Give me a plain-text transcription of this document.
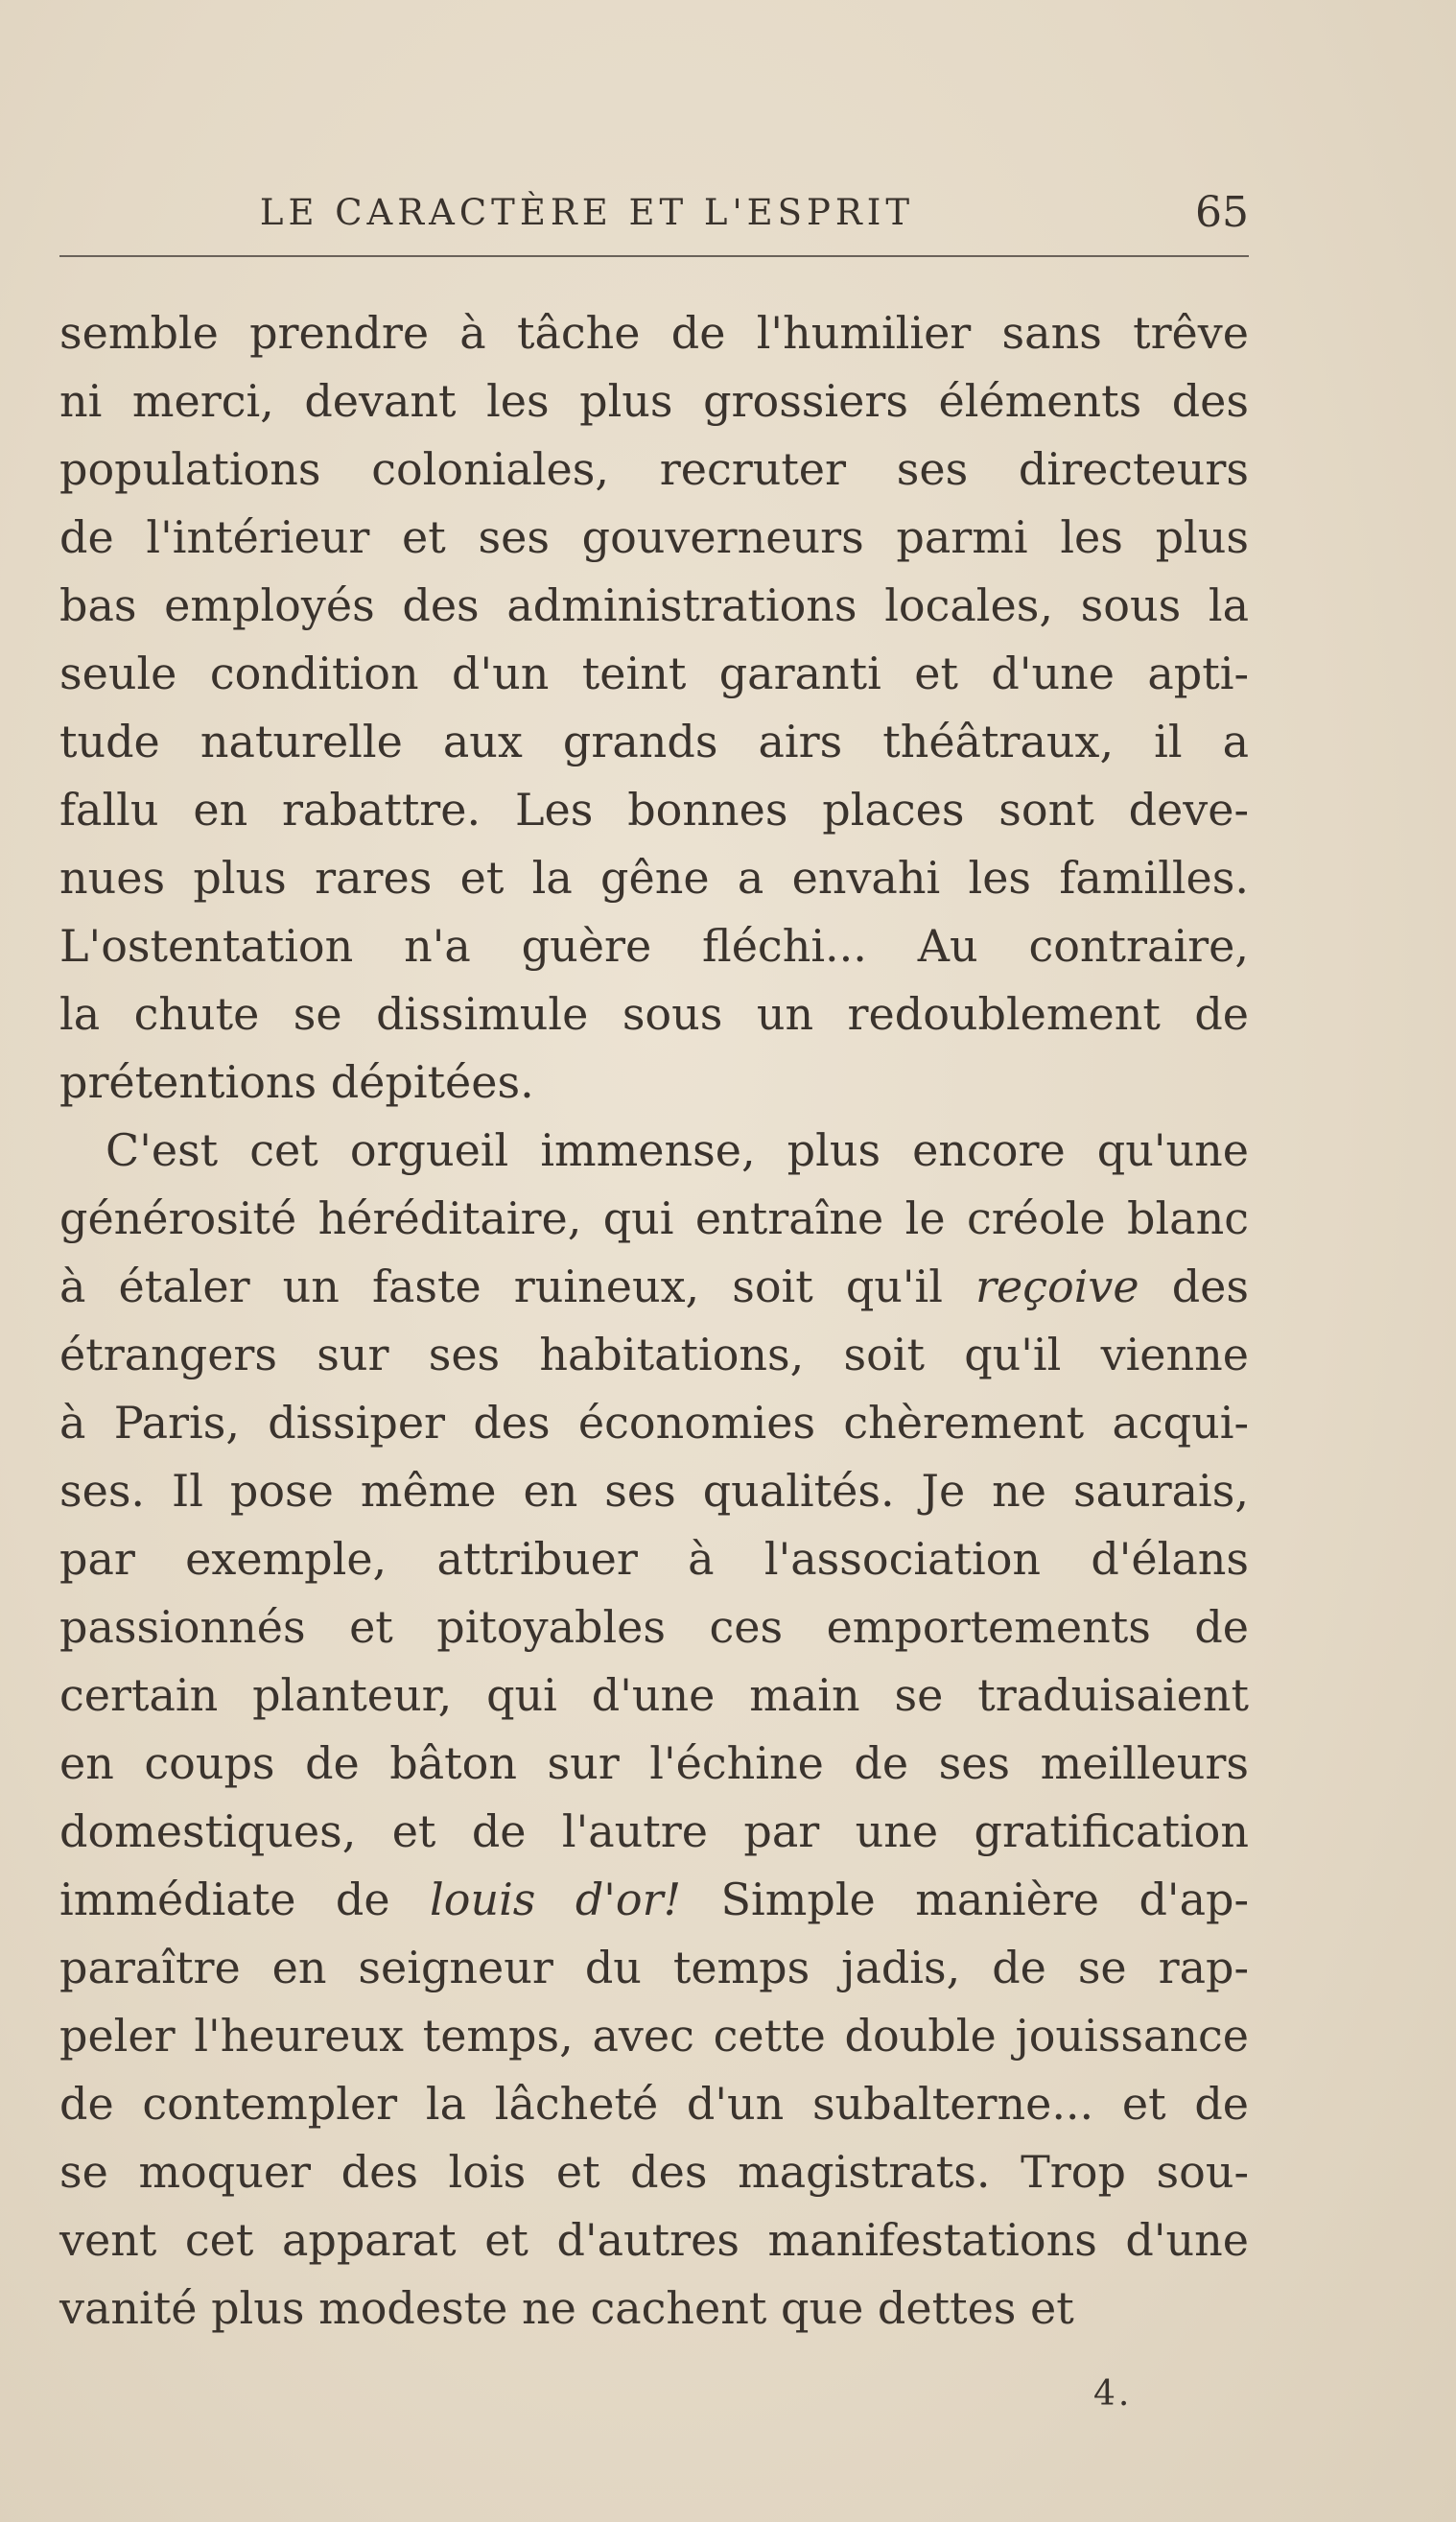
LE CARACTÈRE ET L'ESPRIT	65
semble prendre à tâche de l'humilier sans trêve
ni merci, devant les plus grossiers éléments des
populations coloniales, recruter ses directeurs
de l'intérieur et ses gouverneurs parmi les plus
bas employés des administrations locales, sous la
seule condition d'un teint garanti et d'une apti-
tude naturelle aux grands airs théâtraux, il a
fallu en rabattre. Les bonnes places sont deve-
nues plus rares et la gêne a envahi les familles.
L'ostentation n'a guère fléchi... Au contraire,
la chute se dissimule sous un redoublement de
prétentions dépitées.
C'est cet orgueil immense, plus encore qu'une
générosité héréditaire, qui entraîne le créole blanc
à étaler un faste ruineux, soit qu'il reçoive des
étrangers sur ses habitations, soit qu'il vienne
à Paris, dissiper des économies chèrement acqui-
ses. Il pose même en ses qualités. Je ne saurais,
par exemple, attribuer à l'association d'élans
passionnés et pitoyables ces emportements de
certain planteur, qui d'une main se traduisaient
en coups de bâton sur l'échine de ses meilleurs
domestiques, et de l'autre par une gratification
immédiate de louis d'or! Simple manière d'ap-
paraître en seigneur du temps jadis, de se rap-
peler l'heureux temps, avec cette double jouissance
de contempler la lâcheté d'un subalterne... et de
se moquer des lois et des magistrats. Trop sou-
vent cet apparat et d'autres manifestations d'une
vanité plus modeste ne cachent que dettes et
4.
